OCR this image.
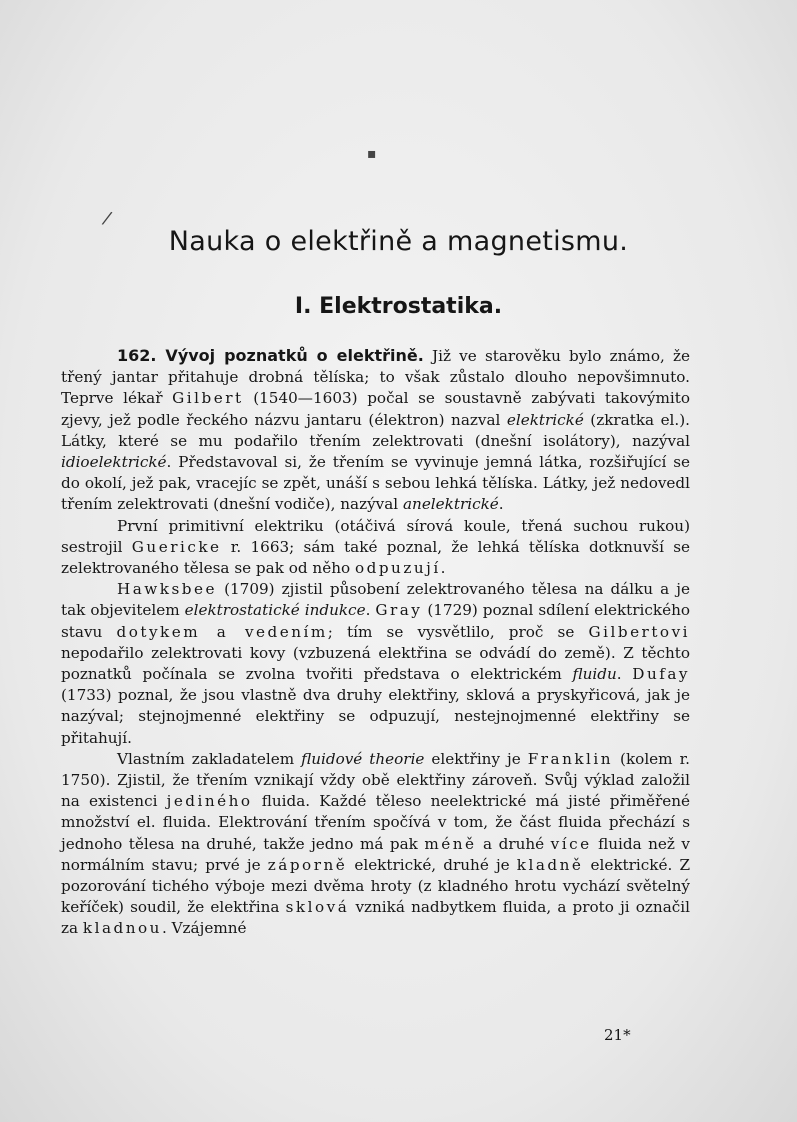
▪
/
Nauka o elektřině a magnetismu.
I. Elektrostatika.

162. Vývoj poznatků o elektřině. Již ve starověku bylo známo, že třený jantar přitahuje drobná tělíska; to však zůstalo dlouho nepovšimnuto. Teprve lékař Gilbert (1540—1603) počal se soustavně zabývati takovýmito zjevy, jež podle řeckého názvu jantaru (élektron) nazval elektrické (zkratka el.). Látky, které se mu podařilo třením zelektrovati (dnešní isolátory), nazýval idioelektrické. Představoval si, že třením se vyvinuje jemná látka, rozšiřující se do okolí, jež pak, vracejíc se zpět, unáší s sebou lehká tělíska. Látky, jež nedovedl třením zelektrovati (dnešní vodiče), nazýval anelektrické.

První primitivní elektriku (otáčivá sírová koule, třená suchou rukou) sestrojil Guericke r. 1663; sám také poznal, že lehká tělíska dotknuvší se zelektrovaného tělesa se pak od něho odpuzují.

Hawksbee (1709) zjistil působení zelektrovaného tělesa na dálku a je tak objevitelem elektrostatické indukce. Gray (1729) poznal sdílení elektrického stavu dotykem a vedením; tím se vysvětlilo, proč se Gilbertovi nepodařilo zelektrovati kovy (vzbuzená elektřina se odvádí do země). Z těchto poznatků počínala se zvolna tvořiti představa o elektrickém fluidu. Dufay (1733) poznal, že jsou vlastně dva druhy elektřiny, sklová a pryskyřicová, jak je nazýval; stejnojmenné elektřiny se odpuzují, nestejnojmenné elektřiny se přitahují.

Vlastním zakladatelem fluidové theorie elektřiny je Franklin (kolem r. 1750). Zjistil, že třením vznikají vždy obě elektřiny zároveň. Svůj výklad založil na existenci jediného fluida. Každé těleso neelektrické má jisté přiměřené množství el. fluida. Elektrování třením spočívá v tom, že část fluida přechází s jednoho tělesa na druhé, takže jedno má pak méně a druhé více fluida než v normálním stavu; prvé je záporně elektrické, druhé je kladně elektrické. Z pozorování tichého výboje mezi dvěma hroty (z kladného hrotu vychází světelný keříček) soudil, že elektřina sklová vzniká nadbytkem fluida, a proto ji označil za kladnou. Vzájemné

21*
